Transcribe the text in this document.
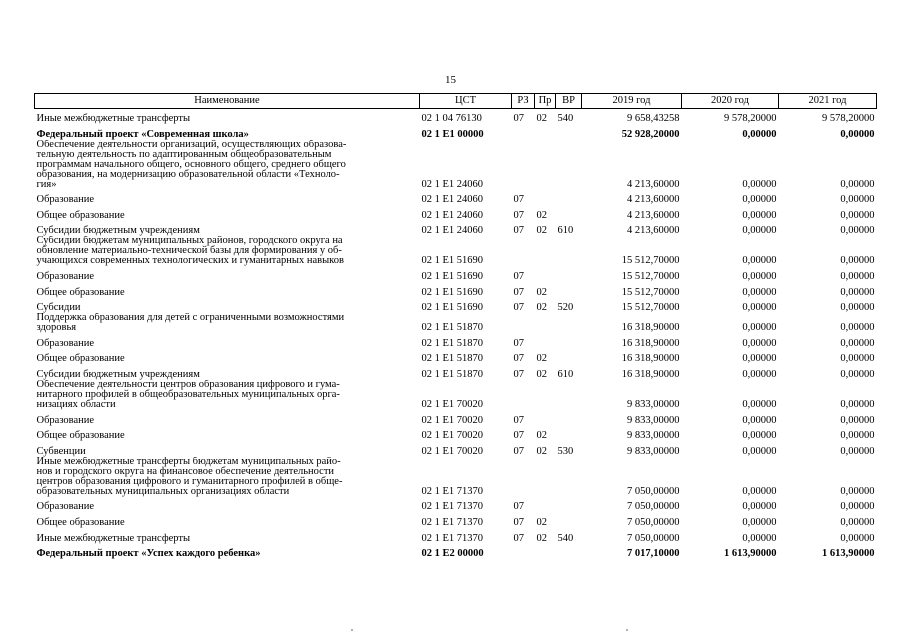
15
Наименование	ЦСТ	РЗ	Пр	ВР	2019 год	2020 год	2021 год

Иные межбюджетные трансферты	02 1 04 76130	07	02	540	9 658,43258	9 578,20000	9 578,20000

Федеральный проект «Современная школа»	02 1 E1 00000				52 928,20000	0,00000	0,00000

Обеспечение деятельности организаций, осуществляющих образова-
тельную деятельность по адаптированным общеобразовательным
программам начального общего, основного общего, среднего общего
образования, на модернизацию образовательной области «Техноло-
гия»	02 1 E1 24060				4 213,60000	0,00000	0,00000

Образование	02 1 E1 24060	07			4 213,60000	0,00000	0,00000

Общее образование	02 1 E1 24060	07	02		4 213,60000	0,00000	0,00000

Субсидии бюджетным учреждениям	02 1 E1 24060	07	02	610	4 213,60000	0,00000	0,00000

Субсидии бюджетам муниципальных районов, городского округа на
обновление материально-технической базы для формирования у об-
учающихся современных технологических и гуманитарных навыков	02 1 E1 51690				15 512,70000	0,00000	0,00000

Образование	02 1 E1 51690	07			15 512,70000	0,00000	0,00000

Общее образование	02 1 E1 51690	07	02		15 512,70000	0,00000	0,00000

Субсидии	02 1 E1 51690	07	02	520	15 512,70000	0,00000	0,00000

Поддержка образования для детей с ограниченными возможностями
здоровья	02 1 E1 51870				16 318,90000	0,00000	0,00000

Образование	02 1 E1 51870	07			16 318,90000	0,00000	0,00000

Общее образование	02 1 E1 51870	07	02		16 318,90000	0,00000	0,00000

Субсидии бюджетным учреждениям	02 1 E1 51870	07	02	610	16 318,90000	0,00000	0,00000

Обеспечение деятельности центров образования цифрового и гума-
нитарного профилей в общеобразовательных муниципальных орга-
низациях области	02 1 E1 70020				9 833,00000	0,00000	0,00000

Образование	02 1 E1 70020	07			9 833,00000	0,00000	0,00000

Общее образование	02 1 E1 70020	07	02		9 833,00000	0,00000	0,00000

Субвенции	02 1 E1 70020	07	02	530	9 833,00000	0,00000	0,00000

Иные межбюджетные трансферты бюджетам муниципальных райо-
нов и городского округа на финансовое обеспечение деятельности
центров образования цифрового и гуманитарного профилей в обще-
образовательных муниципальных организациях области	02 1 E1 71370				7 050,00000	0,00000	0,00000

Образование	02 1 E1 71370	07			7 050,00000	0,00000	0,00000

Общее образование	02 1 E1 71370	07	02		7 050,00000	0,00000	0,00000

Иные межбюджетные трансферты	02 1 E1 71370	07	02	540	7 050,00000	0,00000	0,00000

Федеральный проект «Успех каждого ребенка»	02 1 E2 00000				7 017,10000	1 613,90000	1 613,90000
